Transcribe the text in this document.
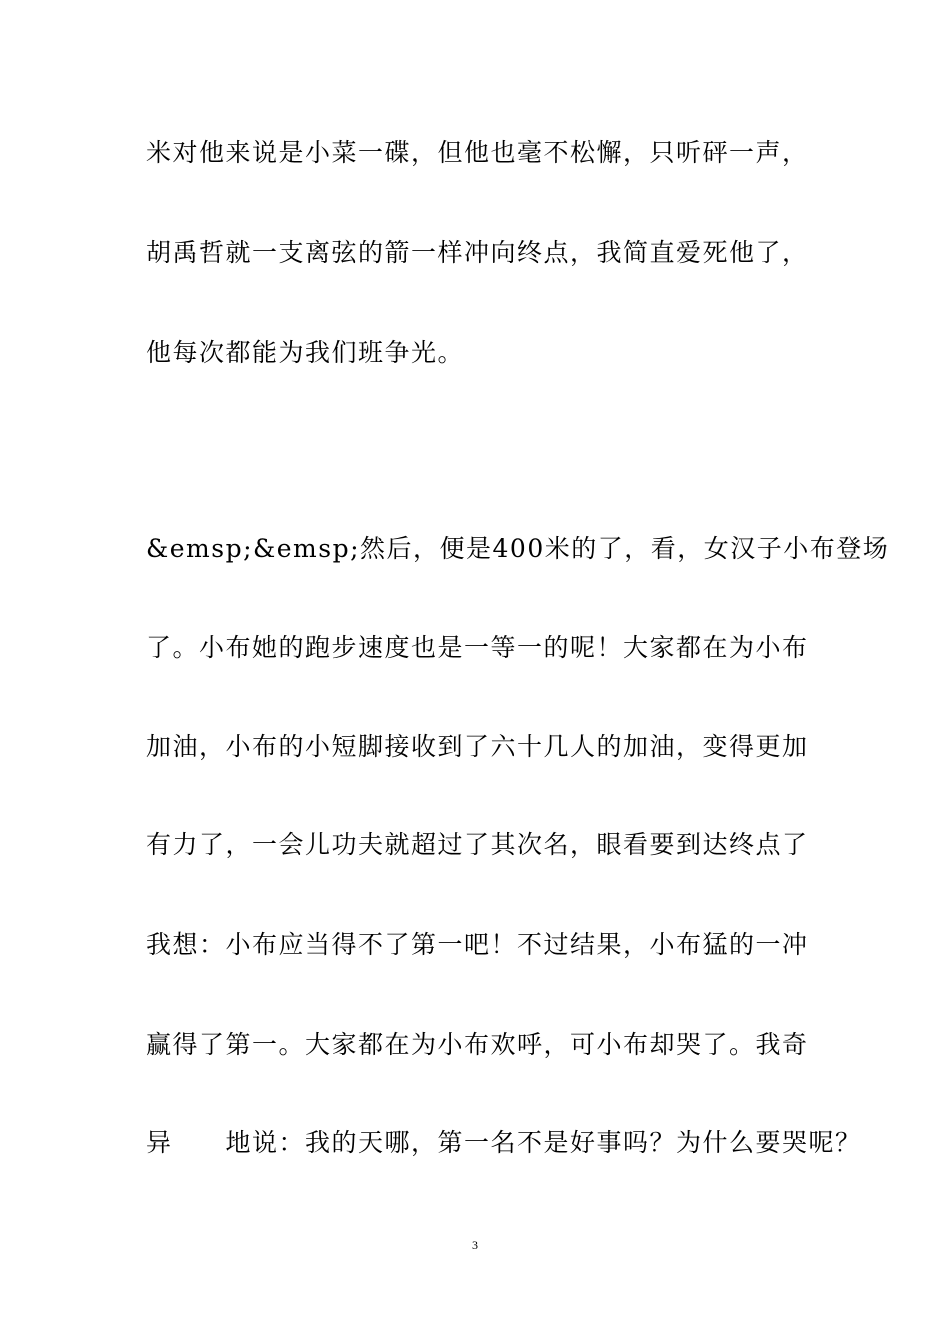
米对他来说是小菜一碟，但他也毫不松懈，只听砰一声，
胡禹哲就一支离弦的箭一样冲向终点，我简直爱死他了，
他每次都能为我们班争光。
&emsp;&emsp;然后，便是400米的了，看，女汉子小布登场
了。小布她的跑步速度也是一等一的呢！大家都在为小布
加油，小布的小短脚接收到了六十几人的加油，变得更加
有力了，一会儿功夫就超过了其次名，眼看要到达终点了
我想：小布应当得不了第一吧！不过结果，小布猛的一冲
赢得了第一。大家都在为小布欢呼，可小布却哭了。我奇
异　　地说：我的天哪，第一名不是好事吗？为什么要哭呢？
3
